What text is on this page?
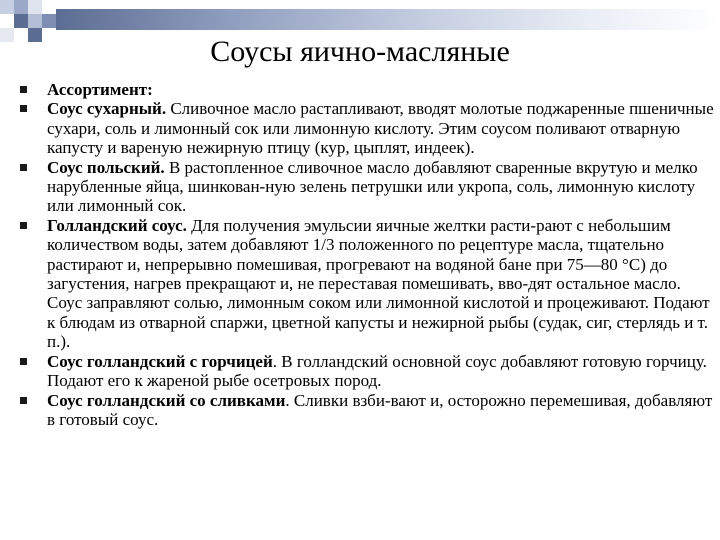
Соусы яично-масляные
Ассортимент:
Соус сухарный. Сливочное масло растапливают, вводят молотые поджаренные пшеничные сухари, соль и лимонный сок или лимонную кислоту. Этим соусом поливают отварную капусту и вареную нежирную птицу (кур, цыплят, индеек).
Соус польский. В растопленное сливочное масло добавляют сваренные вкрутую и мелко нарубленные яйца, шинкован-ную зелень петрушки или укропа, соль, лимонную кислоту или лимонный сок.
Голландский соус. Для получения эмульсии яичные желтки расти-рают с небольшим количеством воды, затем добавляют 1/3 положенного по рецептуре масла, тщательно растирают и, непрерывно помешивая, прогревают на водяной бане при 75—80 °С) до загустения, нагрев прекращают и, не переставая помешивать, вво-дят остальное масло. Соус заправляют солью, лимонным соком или лимонной кислотой и процеживают. Подают к блюдам из отварной спаржи, цветной капусты и нежирной рыбы (судак, сиг, стерлядь и т. п.).
Соус голландский с горчицей. В голландский основной соус добавляют готовую горчицу. Подают его к жареной рыбе осетровых пород.
Соус голландский со сливками. Сливки взби-вают и, осторожно перемешивая, добавляют в готовый соус.
